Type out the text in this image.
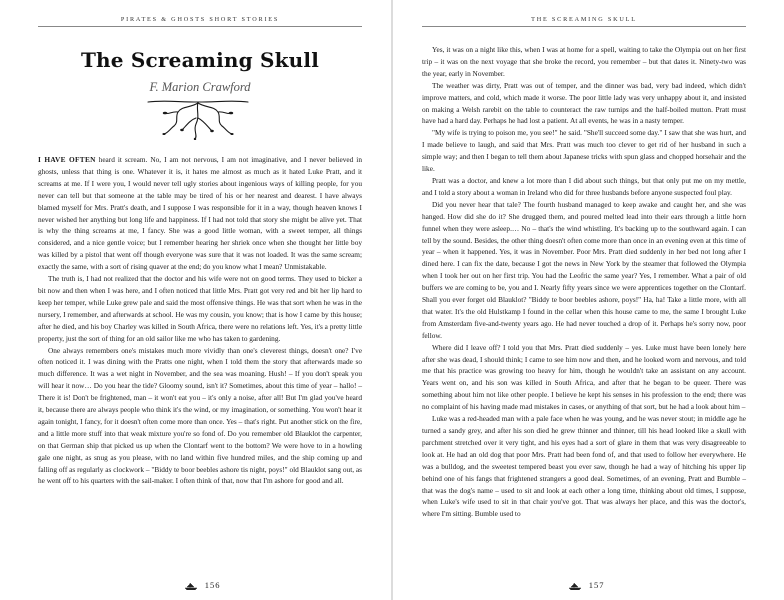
PIRATES & GHOSTS SHORT STORIES
The Screaming Skull
F. Marion Crawford

I HAVE OFTEN heard it scream. No, I am not nervous, I am not imaginative, and I never believed in ghosts, unless that thing is one. Whatever it is, it hates me almost as much as it hated Luke Pratt, and it screams at me. If I were you, I would never tell ugly stories about ingenious ways of killing people, for you never can tell but that someone at the table may be tired of his or her nearest and dearest. I have always blamed myself for Mrs. Pratt's death, and I suppose I was responsible for it in a way, though heaven knows I never wished her anything but long life and happiness. If I had not told that story she might be alive yet. That is why the thing screams at me, I fancy. She was a good little woman, with a sweet temper, all things considered, and a nice gentle voice; but I remember hearing her shriek once when she thought her little boy was killed by a pistol that went off though everyone was sure that it was not loaded. It was the same scream; exactly the same, with a sort of rising quaver at the end; do you know what I mean? Unmistakable.

The truth is, I had not realized that the doctor and his wife were not on good terms. They used to bicker a bit now and then when I was here, and I often noticed that little Mrs. Pratt got very red and bit her lip hard to keep her temper, while Luke grew pale and said the most offensive things. He was that sort when he was in the nursery, I remember, and afterwards at school. He was my cousin, you know; that is how I came by this house; after he died, and his boy Charley was killed in South Africa, there were no relations left. Yes, it's a pretty little property, just the sort of thing for an old sailor like me who has taken to gardening.

One always remembers one's mistakes much more vividly than one's cleverest things, doesn't one? I've often noticed it. I was dining with the Pratts one night, when I told them the story that afterwards made so much difference. It was a wet night in November, and the sea was moaning. Hush! – If you don't speak you will hear it now… Do you hear the tide? Gloomy sound, isn't it? Sometimes, about this time of year – hallo! – There it is! Don't be frightened, man – it won't eat you – it's only a noise, after all! But I'm glad you've heard it, because there are always people who think it's the wind, or my imagination, or something. You won't hear it again tonight, I fancy, for it doesn't often come more than once. Yes – that's right. Put another stick on the fire, and a little more stuff into that weak mixture you're so fond of. Do you remember old Blauklot the carpenter, on that German ship that picked us up when the Clontarf went to the bottom? We were hove to in a howling gale one night, as snug as you please, with no land within five hundred miles, and the ship coming up and falling off as regularly as clockwork – "Biddy te boor beebles ashore tis night, poys!" old Blauklot sang out, as he went off to his quarters with the sail-maker. I often think of that, now that I'm ashore for good and all.

156
THE SCREAMING SKULL

Yes, it was on a night like this, when I was at home for a spell, waiting to take the Olympia out on her first trip – it was on the next voyage that she broke the record, you remember – but that dates it. Ninety-two was the year, early in November.

The weather was dirty, Pratt was out of temper, and the dinner was bad, very bad indeed, which didn't improve matters, and cold, which made it worse. The poor little lady was very unhappy about it, and insisted on making a Welsh rarebit on the table to counteract the raw turnips and the half-boiled mutton. Pratt must have had a hard day. Perhaps he had lost a patient. At all events, he was in a nasty temper.

"My wife is trying to poison me, you see!" he said. "She'll succeed some day." I saw that she was hurt, and I made believe to laugh, and said that Mrs. Pratt was much too clever to get rid of her husband in such a simple way; and then I began to tell them about Japanese tricks with spun glass and chopped horsehair and the like.

Pratt was a doctor, and knew a lot more than I did about such things, but that only put me on my mettle, and I told a story about a woman in Ireland who did for three husbands before anyone suspected foul play.

Did you never hear that tale? The fourth husband managed to keep awake and caught her, and she was hanged. How did she do it? She drugged them, and poured melted lead into their ears through a little horn funnel when they were asleep.… No – that's the wind whistling. It's backing up to the southward again. I can tell by the sound. Besides, the other thing doesn't often come more than once in an evening even at this time of year – when it happened. Yes, it was in November. Poor Mrs. Pratt died suddenly in her bed not long after I dined here. I can fix the date, because I got the news in New York by the steamer that followed the Olympia when I took her out on her first trip. You had the Leofric the same year? Yes, I remember. What a pair of old buffers we are coming to be, you and I. Nearly fifty years since we were apprentices together on the Clontarf. Shall you ever forget old Blauklot? "Biddy te boor beebles ashore, poys!" Ha, ha! Take a little more, with all that water. It's the old Hulstkamp I found in the cellar when this house came to me, the same I brought Luke from Amsterdam five-and-twenty years ago. He had never touched a drop of it. Perhaps he's sorry now, poor fellow.

Where did I leave off? I told you that Mrs. Pratt died suddenly – yes. Luke must have been lonely here after she was dead, I should think; I came to see him now and then, and he looked worn and nervous, and told me that his practice was growing too heavy for him, though he wouldn't take an assistant on any account. Years went on, and his son was killed in South Africa, and after that he began to be queer. There was something about him not like other people. I believe he kept his senses in his profession to the end; there was no complaint of his having made mad mistakes in cases, or anything of that sort, but he had a look about him –

Luke was a red-headed man with a pale face when he was young, and he was never stout; in middle age he turned a sandy grey, and after his son died he grew thinner and thinner, till his head looked like a skull with parchment stretched over it very tight, and his eyes had a sort of glare in them that was very disagreeable to look at. He had an old dog that poor Mrs. Pratt had been fond of, and that used to follow her everywhere. He was a bulldog, and the sweetest tempered beast you ever saw, though he had a way of hitching his upper lip behind one of his fangs that frightened strangers a good deal. Sometimes, of an evening, Pratt and Bumble – that was the dog's name – used to sit and look at each other a long time, thinking about old times, I suppose, when Luke's wife used to sit in that chair you've got. That was always her place, and this was the doctor's, where I'm sitting. Bumble used to

157
